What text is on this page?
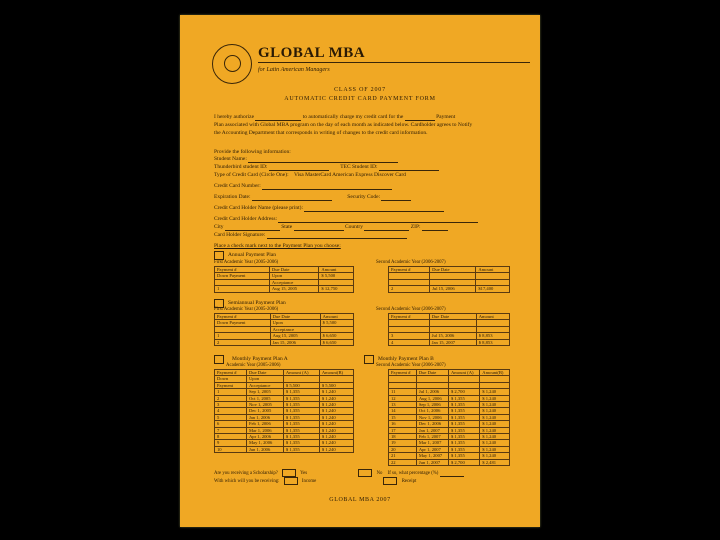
GLOBAL MBA
for Latin American Managers
CLASS OF 2007
AUTOMATIC CREDIT CARD PAYMENT FORM
I hereby authorize	to automatically charge my credit card for the	Payment
Plan associated with Global MBA program on the day of each month as indicated below. Cardholder agrees to Notify
the Accounting Department that corresponds in writing of changes to the credit card information.
Provide the following information:
Student Name:
Thunderbird student ID:	TEC Student ID:
Type of Credit Card (Circle One): Visa MasterCard American Express Discover Card
Credit Card Number:
Expiration Date:	Security Code:
Credit Card Holder Name (please print):
Credit Card Holder Address:
City	State	Country	ZIP:
Card Holder Signature:
Place a check mark next to the Payment Plan you choose:
Annual Payment Plan
First Academic Year (2005-2006)	Second Academic Year (2006-2007)
Payment #	Due Date	Amount
Down Payment	Upon	$ 5,500
	Acceptance	
1	Aug 15, 2005	$ 12,750
Payment #	Due Date	Amount

2	Jul 15, 2006	$17,400
Semiannual Payment Plan
First Academic Year (2005-2006)	Second Academic Year (2006-2007)
Payment #	Due Date	Amount
Down Payment	Upon	$ 5,500
	Acceptance	
1	Aug 15, 2005	$ 6,650
2	Jan 15, 2006	$ 6,650
Payment #	Due Date	Amount

3	Jul 15, 2006	$ 8,853
4	Jan 15, 2007	$ 8,853
Monthly Payment Plan A	Monthly Payment Plan B
Academic Year (2005-2006)	Second Academic Year (2006-2007)
Payment #	Due Date	Amount (A)	Amount(B)
Down	Upon		
Payment	Acceptance	$ 5,500	$ 5,500
1	Sep 1, 2005	$ 1,355	$ 1,240
2	Oct 1, 2005	$ 1,355	$ 1,240
3	Nov 1, 2005	$ 1,355	$ 1,240
4	Dec 1, 2005	$ 1,355	$ 1,240
5	Jan 1, 2006	$ 1,355	$ 1,240
6	Feb 1, 2006	$ 1,355	$ 1,240
7	Mar 1, 2006	$ 1,355	$ 1,240
8	Apr 1, 2006	$ 1,355	$ 1,240
9	May 1, 2006	$ 1,355	$ 1,240
10	Jun 1, 2006	$ 1,355	$ 1,240
Payment #	Due Date	Amount (A)	Amount(B)

11	Jul 1, 2006	$ 2,700	$ 1,240
12	Aug 1, 2006	$ 1,355	$ 1,240
13	Sep 1, 2006	$ 1,355	$ 1,240
14	Oct 1, 2006	$ 1,355	$ 1,240
15	Nov 1, 2006	$ 1,355	$ 1,240
16	Dec 1, 2006	$ 1,355	$ 1,240
17	Jan 1, 2007	$ 1,355	$ 1,240
18	Feb 1, 2007	$ 1,355	$ 1,240
19	Mar 1, 2007	$ 1,355	$ 1,240
20	Apr 1, 2007	$ 1,355	$ 1,240
21	May 1, 2007	$ 1,355	$ 1,240
22	Jun 1, 2007	$ 2,700	$ 2,481
Are you receiving a Scholarship?	Yes	No If so, what percentage (%)
With which will you be receiving:	Income	Receipt
GLOBAL MBA 2007
